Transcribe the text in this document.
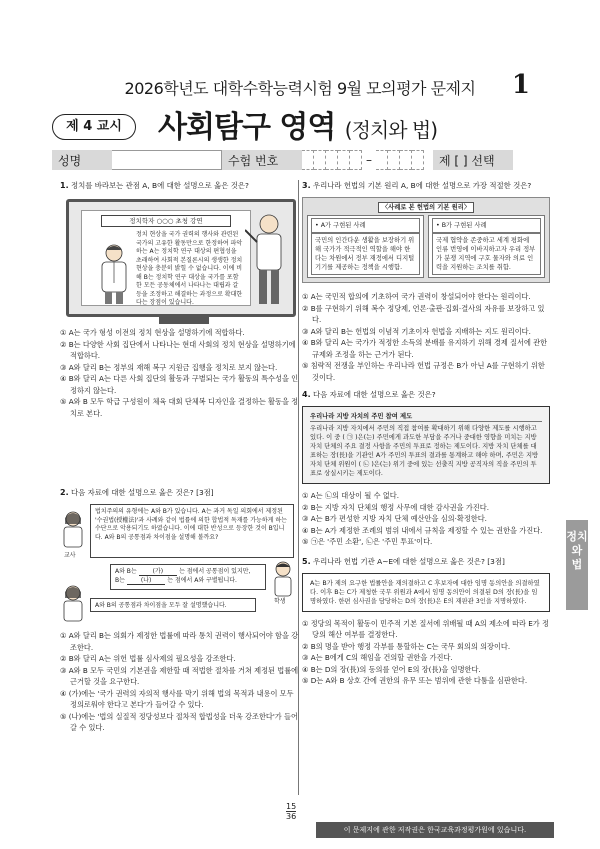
2026학년도 대학수학능력시험 9월 모의평가 문제지 1
제 4 교시	사회탐구 영역 (정치와 법)
성명	수험 번호	–	제 [ ] 선택
1. 정치를 바라보는 관점 A, B에 대한 설명으로 옳은 것은?
정치학자 ○○○ 초청 강연
정치 현상을 국가 권력의 행사와 관련된 국가의 고유한 활동만으로 한정하여 파악하는 A는 정치학 연구 대상의 편협성을 초래하여 사회적 본질론시의 생생한 정치 현상을 충분히 밝힐 수 없습니다. 이에 비해 B는 정치학 연구 대상을 국가를 포함한 모든 공동체에서 나타나는 대립과 갈등을 조정하고 해결하는 과정으로 확대한다는 장점이 있습니다.
① A는 국가 형성 이전의 정치 현상을 설명하기에 적합하다.
② B는 다양한 사회 집단에서 나타나는 현대 사회의 정치 현상을 설명하기에 적합하다.
③ A와 달리 B는 정부의 재해 복구 지원금 집행을 정치로 보지 않는다.
④ B와 달리 A는 다른 사회 집단의 활동과 구별되는 국가 활동의 특수성을 인정하지 않는다.
⑤ A와 B 모두 학급 구성원이 체육 대회 단체복 디자인을 결정하는 활동을 정치로 본다.
2. 다음 자료에 대한 설명으로 옳은 것은? [3점]
교사
법치주의의 유형에는 A와 B가 있습니다. A는 과거 독일 의회에서 제정된 '수권법(授權法)'과 사례와 같이 법률에 의한 합법적 독재를 가능하게 하는 수단으로 악용되기도 하였습니다. 이에 대한 반성으로 등장한 것이 B입니다. A와 B의 공통점과 차이점을 설명해 볼까요?
A와 B는	(가)	는 점에서 공통점이 있지만,
B는	(나)	는 점에서 A와 구별됩니다.
학생
A와 B의 공통점과 차이점을 모두 잘 설명했습니다.
① A와 달리 B는 의회가 제정한 법률에 따라 통치 권력이 행사되어야 함을 강조한다.
② B와 달리 A는 위헌 법률 심사제의 필요성을 강조한다.
③ A와 B 모두 국민의 기본권을 제한할 때 적법한 절차를 거쳐 제정된 법률에 근거할 것을 요구한다.
④ (가)에는 '국가 권력의 자의적 행사를 막기 위해 법의 목적과 내용이 모두 정의로워야 한다고 본다'가 들어갈 수 있다.
⑤ (나)에는 '법의 실질적 정당성보다 절차적 합법성을 더욱 강조한다'가 들어갈 수 있다.
3. 우리나라 헌법의 기본 원리 A, B에 대한 설명으로 가장 적절한 것은?
〈사례로 본 헌법의 기본 원리〉
• A가 구현된 사례
국민의 인간다운 생활을 보장하기 위해 국가가 적극적인 역할을 해야 한다는 차원에서 정부 재정에서 디지털 기기를 제공하는 정책을 시행함.
• B가 구현된 사례
국제 협약을 존중하고 세계 평화에 인류 번영에 이바지하고자 우리 정부가 분쟁 지역에 구호 물자와 의료 인력을 지원하는 조치를 취함.
① A는 국민적 합의에 기초하여 국가 권력이 창설되어야 한다는 원리이다.
② B를 구현하기 위해 복수 정당제, 언론·출판·집회·결사의 자유를 보장하고 있다.
③ A와 달리 B는 헌법의 이념적 기초이자 헌법을 지배하는 지도 원리이다.
④ B와 달리 A는 국가가 적정한 소득의 분배를 유지하기 위해 경제 질서에 관한 규제와 조정을 하는 근거가 된다.
⑤ 침략적 전쟁을 부인하는 우리나라 헌법 규정은 B가 아닌 A를 구현하기 위한 것이다.
4. 다음 자료에 대한 설명으로 옳은 것은?
우리나라 지방 자치의 주민 참여 제도
우리나라 지방 자치에서 주민의 직접 참여를 확대하기 위해 다양한 제도를 시행하고 있다. 이 중 ( ㉠ )은(는) 주민에게 과도한 부담을 주거나 중대한 영향을 미치는 지방 자치 단체의 주요 결정 사항을 주민의 투표로 정하는 제도이다. 지방 자치 단체를 대표하는 장(長)을 기관인 A가 주민의 투표의 결과를 통계하고 해야 하며, 주민은 지방 자치 단체 위원이 ( ㉡ )은(는) 위기 중에 있는 선출직 지방 공직자의 직을 주민의 투표로 상실시키는 제도이다.
① A는 ㉡의 대상이 될 수 없다.
② B는 지방 자치 단체의 행정 사무에 대한 감사권을 가진다.
③ A는 B가 편성한 지방 자치 단체 예산안을 심의·확정한다.
④ B는 A가 제정한 조례의 범위 내에서 규칙을 제정할 수 있는 권한을 가진다.
⑤ ㉠은 '주민 소환', ㉡은 '주민 투표'이다.
5. 우리나라 헌법 기관 A~E에 대한 설명으로 옳은 것은? [3점]
A는 B가 제의 요구한 법률안을 재의결하고 C 후보자에 대한 임명 동의안을 의결하였다. 이후 B는 C가 제청한 국무 위원과 A에서 임명 동의안이 의결된 D의 장(長)을 임명하였다. 한편 심사권을 담당하는 D의 장(長)은 E의 재판관 3인을 지명하였다.
① 정당의 목적이 활동이 민주적 기본 질서에 위배될 때 A의 제소에 따라 E가 정당의 해산 여부를 결정한다.
② B의 명을 받아 행정 각부를 통할하는 C는 국무 회의의 의장이다.
③ A는 B에게 C의 해임을 건의할 권한을 가진다.
④ B는 D의 장(長)의 동의를 얻어 E의 장(長)을 임명한다.
⑤ D는 A와 B 상호 간에 권한의 유무 또는 범위에 관한 다툼을 심판한다.
정치와 법
15
36
이 문제지에 관한 저작권은 한국교육과정평가원에 있습니다.
